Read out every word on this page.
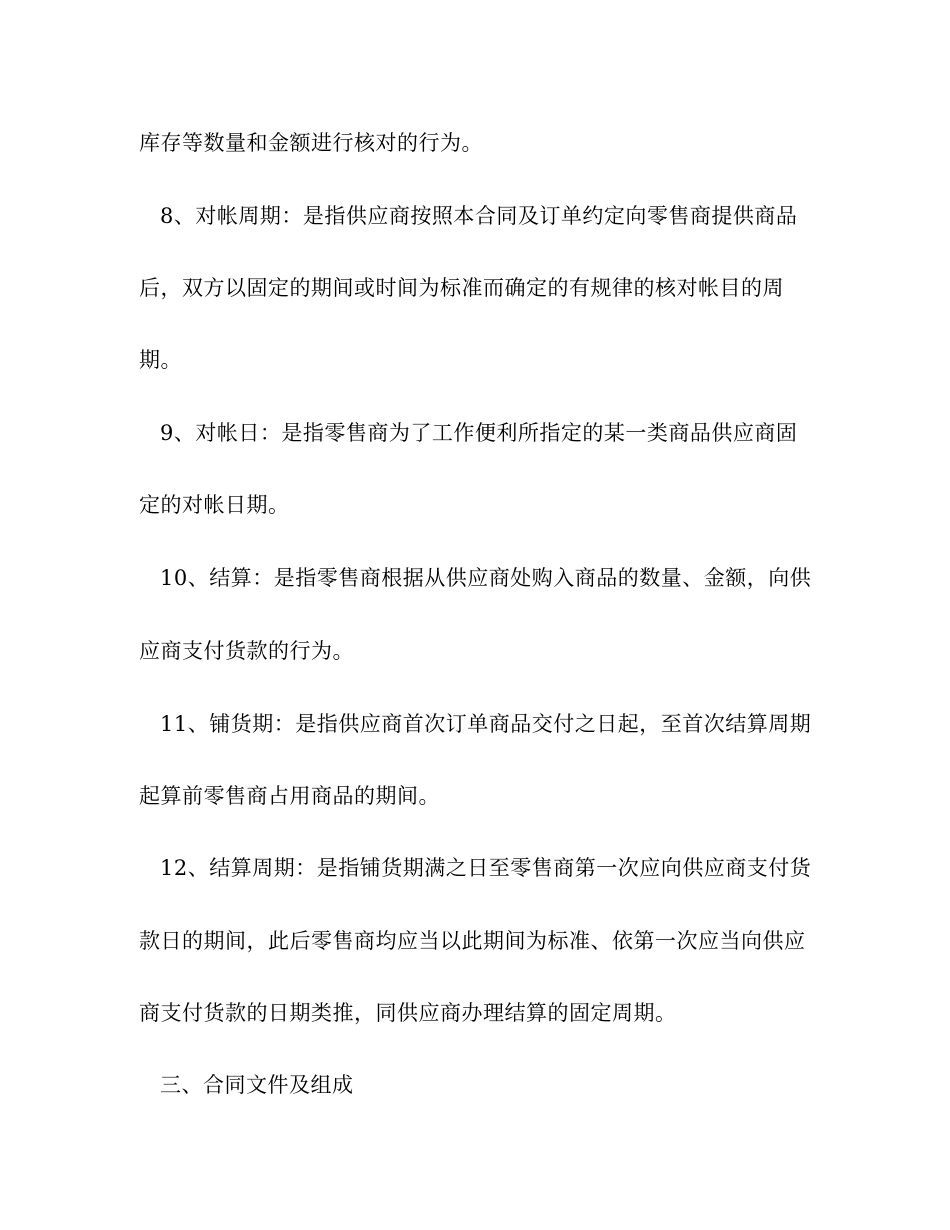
库存等数量和金额进行核对的行为。
8、对帐周期：是指供应商按照本合同及订单约定向零售商提供商品
后，双方以固定的期间或时间为标准而确定的有规律的核对帐目的周
期。
9、对帐日：是指零售商为了工作便利所指定的某一类商品供应商固
定的对帐日期。
10、结算：是指零售商根据从供应商处购入商品的数量、金额，向供
应商支付货款的行为。
11、铺货期：是指供应商首次订单商品交付之日起，至首次结算周期
起算前零售商占用商品的期间。
12、结算周期：是指铺货期满之日至零售商第一次应向供应商支付货
款日的期间，此后零售商均应当以此期间为标准、依第一次应当向供应
商支付货款的日期类推，同供应商办理结算的固定周期。
三、合同文件及组成
